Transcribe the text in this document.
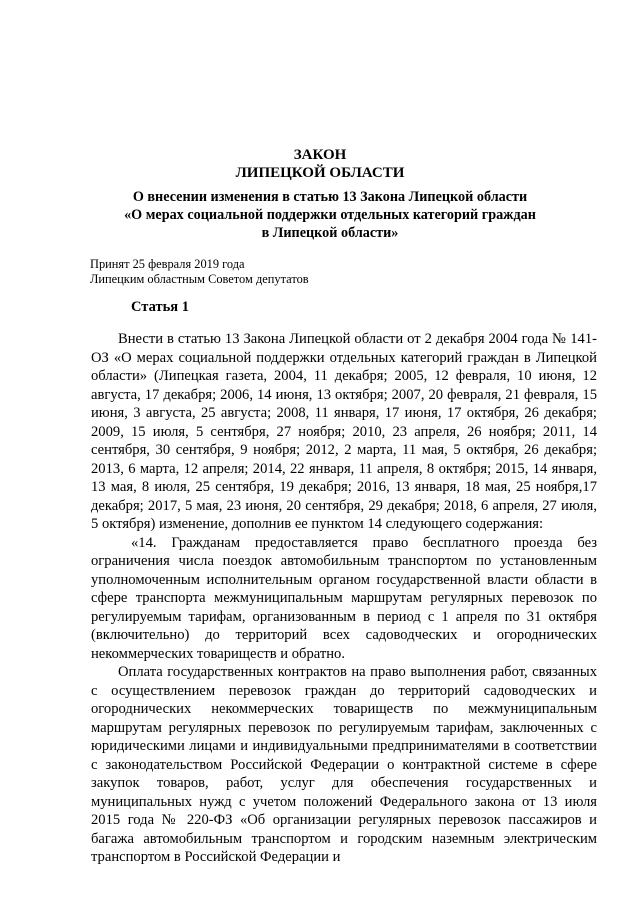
ЗАКОН
ЛИПЕЦКОЙ ОБЛАСТИ
О внесении изменения в статью 13 Закона Липецкой области
«О мерах социальной поддержки отдельных категорий граждан
в Липецкой области»
Принят 25 февраля 2019 года
Липецким областным Советом депутатов
Статья 1

Внести в статью 13 Закона Липецкой области от 2 декабря 2004 года № 141-ОЗ «О мерах социальной поддержки отдельных категорий граждан в Липецкой области» (Липецкая газета, 2004, 11 декабря; 2005, 12 февраля, 10 июня, 12 августа, 17 декабря; 2006, 14 июня, 13 октября; 2007, 20 февраля, 21 февраля, 15 июня, 3 августа, 25 августа; 2008, 11 января, 17 июня, 17 октября, 26 декабря; 2009, 15 июля, 5 сентября, 27 ноября; 2010, 23 апреля, 26 ноября; 2011, 14 сентября, 30 сентября, 9 ноября; 2012, 2 марта, 11 мая, 5 октября, 26 декабря; 2013, 6 марта, 12 апреля; 2014, 22 января, 11 апреля, 8 октября; 2015, 14 января, 13 мая, 8 июля, 25 сентября, 19 декабря; 2016, 13 января, 18 мая, 25 ноября,17 декабря; 2017, 5 мая, 23 июня, 20 сентября, 29 декабря; 2018, 6 апреля, 27 июля, 5 октября) изменение, дополнив ее пунктом 14 следующего содержания:

«14. Гражданам предоставляется право бесплатного проезда без ограничения числа поездок автомобильным транспортом по установленным уполномоченным исполнительным органом государственной власти области в сфере транспорта межмуниципальным маршрутам регулярных перевозок по регулируемым тарифам, организованным в период с 1 апреля по 31 октября (включительно) до территорий всех садоводческих и огороднических некоммерческих товариществ и обратно.

Оплата государственных контрактов на право выполнения работ, связанных с осуществлением перевозок граждан до территорий садоводческих и огороднических некоммерческих товариществ по межмуниципальным маршрутам регулярных перевозок по регулируемым тарифам, заключенных с юридическими лицами и индивидуальными предпринимателями в соответствии с законодательством Российской Федерации о контрактной системе в сфере закупок товаров, работ, услуг для обеспечения государственных и муниципальных нужд с учетом положений Федерального закона от 13 июля 2015 года № 220-ФЗ «Об организации регулярных перевозок пассажиров и багажа автомобильным транспортом и городским наземным электрическим транспортом в Российской Федерации и
